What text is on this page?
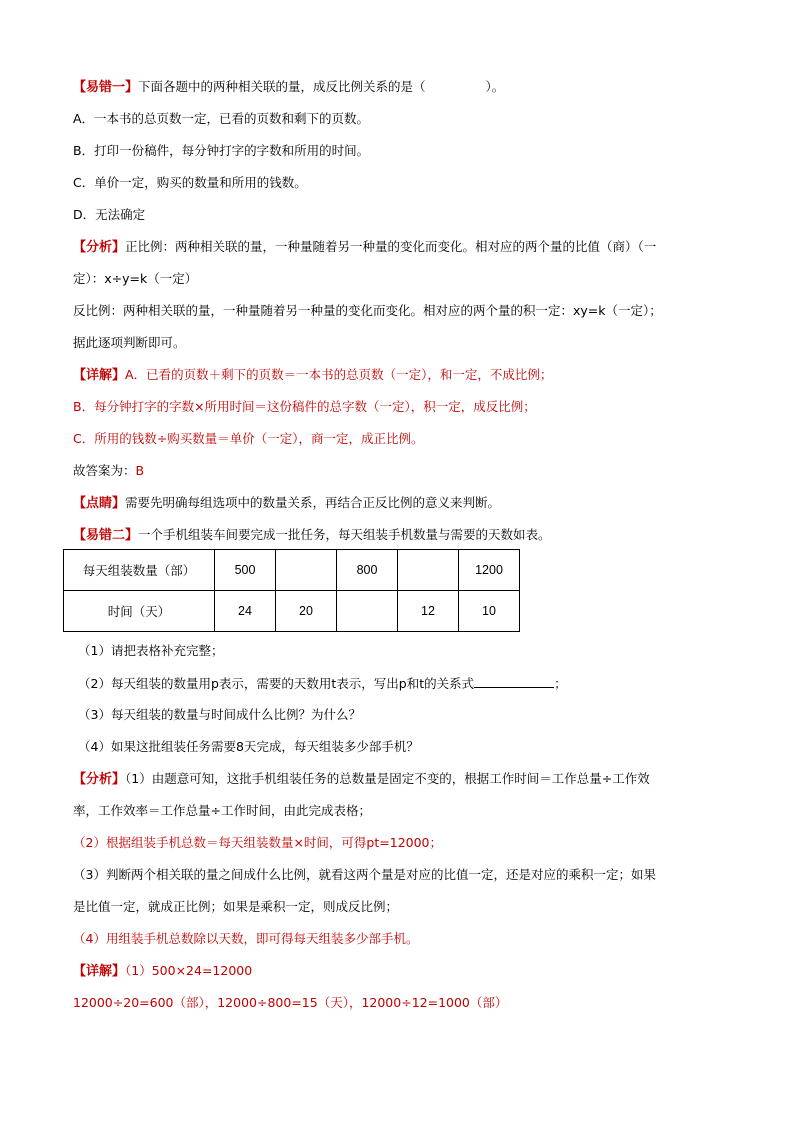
【易错一】下面各题中的两种相关联的量，成反比例关系的是（	）。
A．一本书的总页数一定，已看的页数和剩下的页数。
B．打印一份稿件，每分钟打字的字数和所用的时间。
C．单价一定，购买的数量和所用的钱数。
D．无法确定
【分析】正比例：两种相关联的量，一种量随着另一种量的变化而变化。相对应的两个量的比值（商）（一
定）：x÷y=k（一定）
反比例：两种相关联的量，一种量随着另一种量的变化而变化。相对应的两个量的积一定：xy=k（一定）；
据此逐项判断即可。
【详解】A．已看的页数＋剩下的页数＝一本书的总页数（一定），和一定，不成比例；
B．每分钟打字的字数×所用时间＝这份稿件的总字数（一定），积一定，成反比例；
C．所用的钱数÷购买数量＝单价（一定），商一定，成正比例。
故答案为：B
【点睛】需要先明确每组选项中的数量关系，再结合正反比例的意义来判断。
【易错二】一个手机组装车间要完成一批任务，每天组装手机数量与需要的天数如表。
每天组装数量（部）	500		800		1200
时间（天）	24	20		12	10
（1）请把表格补充完整；
（2）每天组装的数量用p表示，需要的天数用t表示，写出p和t的关系式	；
（3）每天组装的数量与时间成什么比例？为什么？
（4）如果这批组装任务需要8天完成，每天组装多少部手机？
【分析】（1）由题意可知，这批手机组装任务的总数量是固定不变的，根据工作时间＝工作总量÷工作效
率，工作效率＝工作总量÷工作时间，由此完成表格；
（2）根据组装手机总数＝每天组装数量×时间，可得pt=12000；
（3）判断两个相关联的量之间成什么比例，就看这两个量是对应的比值一定，还是对应的乘积一定；如果
是比值一定，就成正比例；如果是乘积一定，则成反比例；
（4）用组装手机总数除以天数，即可得每天组装多少部手机。
【详解】（1）500×24=12000
12000÷20=600（部），12000÷800=15（天），12000÷12=1000（部）
